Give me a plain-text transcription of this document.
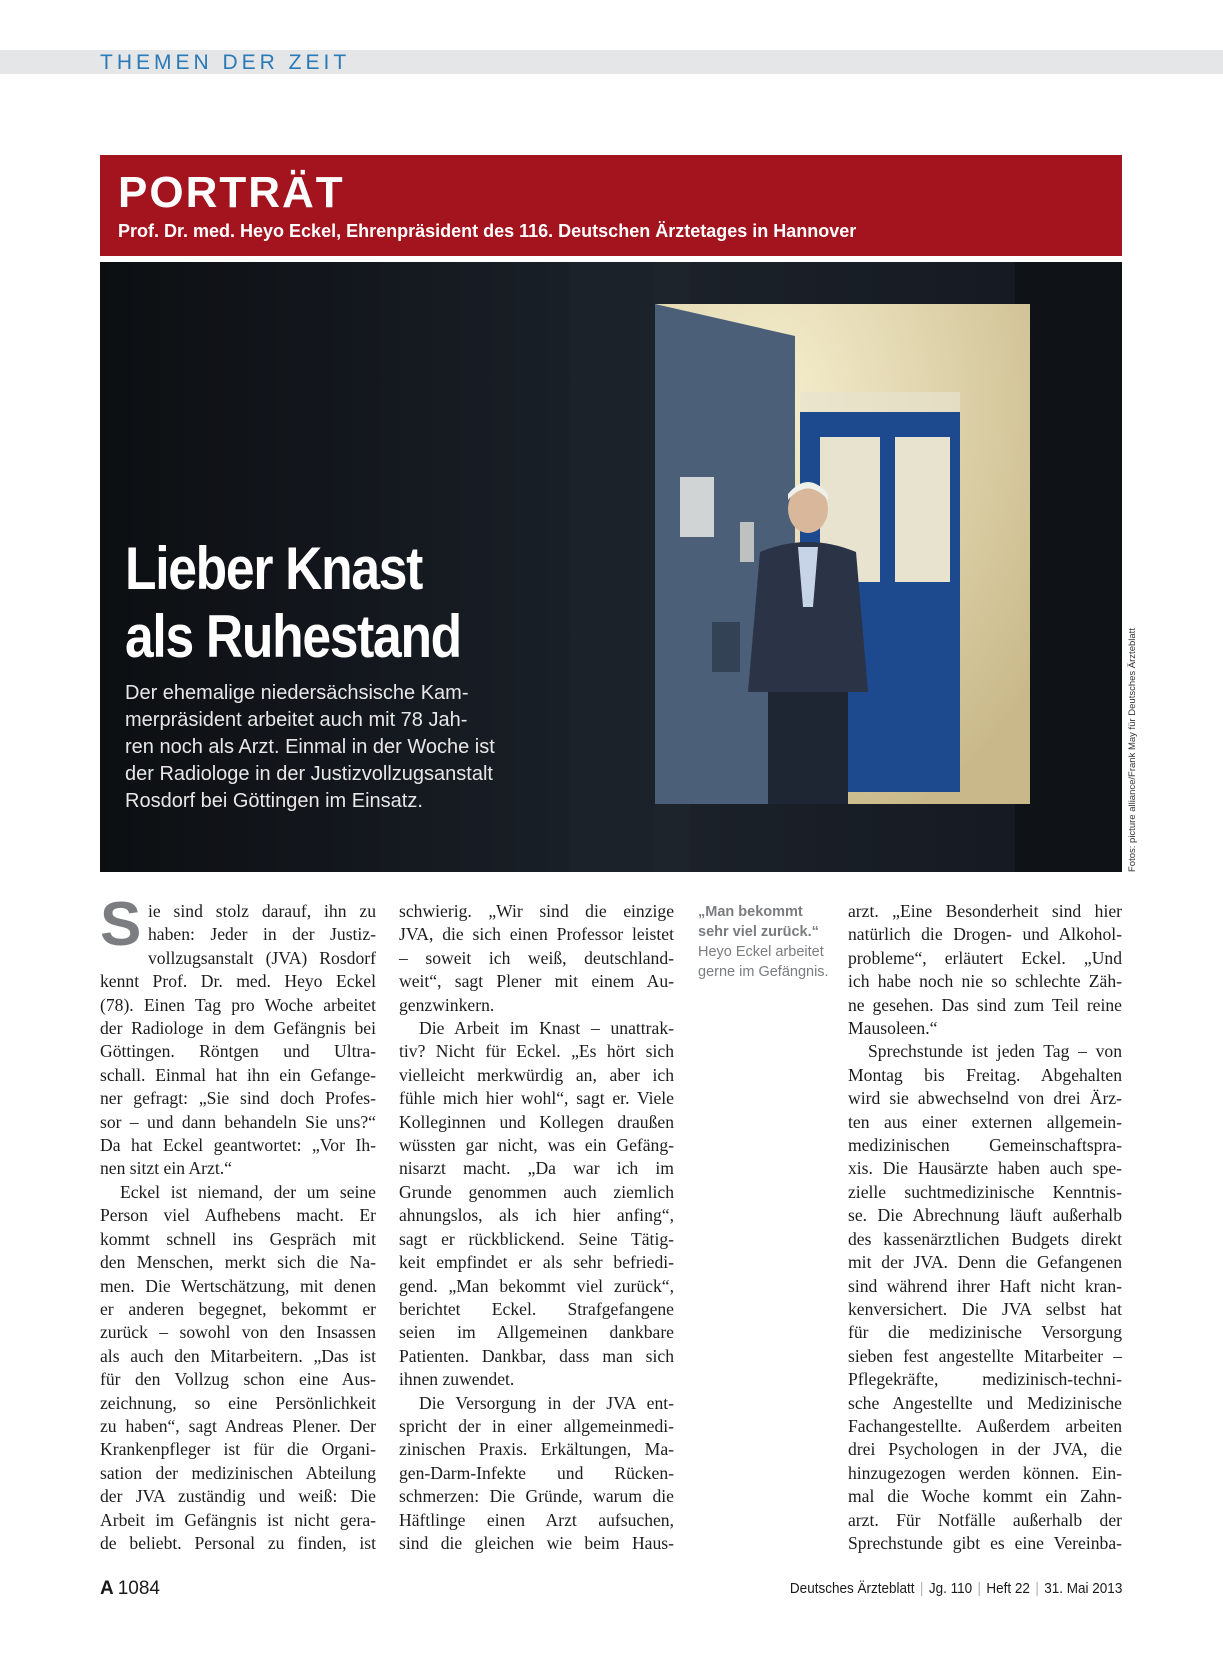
THEMEN DER ZEIT
PORTRÄT
Prof. Dr. med. Heyo Eckel, Ehrenpräsident des 116. Deutschen Ärztetages in Hannover
Lieber Knast
als Ruhestand
Der ehemalige niedersächsische Kam-
merpräsident arbeitet auch mit 78 Jah-
ren noch als Arzt. Einmal in der Woche ist
der Radiologe in der Justizvollzugsanstalt
Rosdorf bei Göttingen im Einsatz.	Fotos: picture alliance/Frank May für Deutsches Ärzteblatt
S ie sind stolz darauf, ihn zu
haben: Jeder in der Justiz-
vollzugsanstalt (JVA) Rosdorf
kennt Prof. Dr. med. Heyo Eckel
(78). Einen Tag pro Woche arbeitet
der Radiologe in dem Gefängnis bei
Göttingen. Röntgen und Ultra-
schall. Einmal hat ihn ein Gefange-
ner gefragt: „Sie sind doch Profes-
sor – und dann behandeln Sie uns?“
Da hat Eckel geantwortet: „Vor Ih-
nen sitzt ein Arzt.“
Eckel ist niemand, der um seine
Person viel Aufhebens macht. Er
kommt schnell ins Gespräch mit
den Menschen, merkt sich die Na-
men. Die Wertschätzung, mit denen
er anderen begegnet, bekommt er
zurück – sowohl von den Insassen
als auch den Mitarbeitern. „Das ist
für den Vollzug schon eine Aus-
zeichnung, so eine Persönlichkeit
zu haben“, sagt Andreas Plener. Der
Krankenpfleger ist für die Organi-
sation der medizinischen Abteilung
der JVA zuständig und weiß: Die
Arbeit im Gefängnis ist nicht gera-
de beliebt. Personal zu finden, ist
schwierig. „Wir sind die einzige
JVA, die sich einen Professor leistet
– soweit ich weiß, deutschland-
weit“, sagt Plener mit einem Au-
genzwinkern.
Die Arbeit im Knast – unattrak-
tiv? Nicht für Eckel. „Es hört sich
vielleicht merkwürdig an, aber ich
fühle mich hier wohl“, sagt er. Viele
Kolleginnen und Kollegen draußen
wüssten gar nicht, was ein Gefäng-
nisarzt macht. „Da war ich im
Grunde genommen auch ziemlich
ahnungslos, als ich hier anfing“,
sagt er rückblickend. Seine Tätig-
keit empfindet er als sehr befriedi-
gend. „Man bekommt viel zurück“,
berichtet Eckel. Strafgefangene
seien im Allgemeinen dankbare
Patienten. Dankbar, dass man sich
ihnen zuwendet.
Die Versorgung in der JVA ent-
spricht der in einer allgemeinmedi-
zinischen Praxis. Erkältungen, Ma-
gen-Darm-Infekte und Rücken-
schmerzen: Die Gründe, warum die
Häftlinge einen Arzt aufsuchen,
sind die gleichen wie beim Haus-
„Man bekommt
sehr viel zurück.“
Heyo Eckel arbeitet
gerne im Gefängnis.
arzt. „Eine Besonderheit sind hier
natürlich die Drogen- und Alkohol-
probleme“, erläutert Eckel. „Und
ich habe noch nie so schlechte Zäh-
ne gesehen. Das sind zum Teil reine
Mausoleen.“
Sprechstunde ist jeden Tag – von
Montag bis Freitag. Abgehalten
wird sie abwechselnd von drei Ärz-
ten aus einer externen allgemein-
medizinischen Gemeinschaftspra-
xis. Die Hausärzte haben auch spe-
zielle suchtmedizinische Kenntnis-
se. Die Abrechnung läuft außerhalb
des kassenärztlichen Budgets direkt
mit der JVA. Denn die Gefangenen
sind während ihrer Haft nicht kran-
kenversichert. Die JVA selbst hat
für die medizinische Versorgung
sieben fest angestellte Mitarbeiter –
Pflegekräfte, medizinisch-techni-
sche Angestellte und Medizinische
Fachangestellte. Außerdem arbeiten
drei Psychologen in der JVA, die
hinzugezogen werden können. Ein-
mal die Woche kommt ein Zahn-
arzt. Für Notfälle außerhalb der
Sprechstunde gibt es eine Vereinba-
A 1084	Deutsches Ärzteblatt | Jg. 110 | Heft 22 | 31. Mai 2013
